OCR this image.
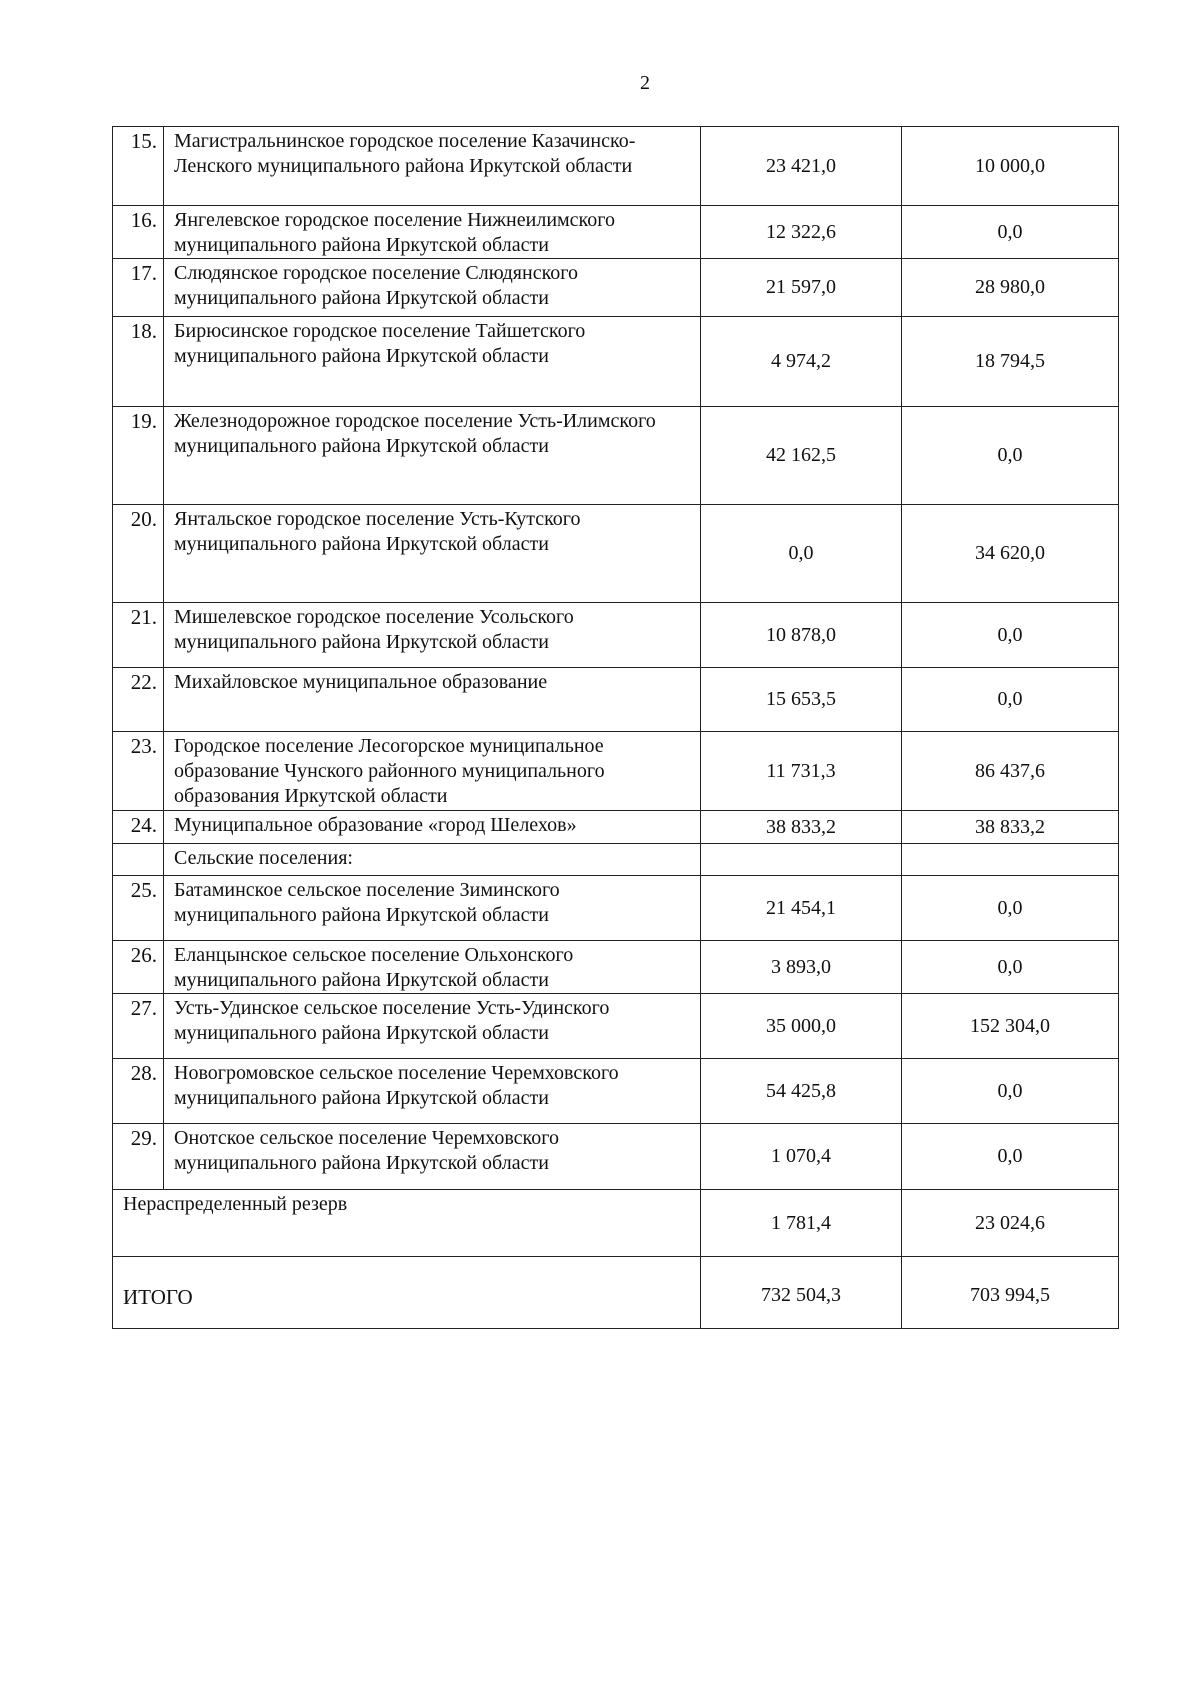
2
15.	Магистральнинское городское поселение Казачинско-Ленского муниципального района Иркутской области	23 421,0	10 000,0
16.	Янгелевское городское поселение Нижнеилимского муниципального района Иркутской области	12 322,6	0,0
17.	Слюдянское городское поселение Слюдянского муниципального района Иркутской области	21 597,0	28 980,0
18.	Бирюсинское городское поселение Тайшетского муниципального района Иркутской области	4 974,2	18 794,5
19.	Железнодорожное городское поселение Усть-Илимского муниципального района Иркутской области	42 162,5	0,0
20.	Янтальское городское поселение Усть-Кутского муниципального района Иркутской области	0,0	34 620,0
21.	Мишелевское городское поселение Усольского муниципального района Иркутской области	10 878,0	0,0
22.	Михайловское муниципальное образование	15 653,5	0,0
23.	Городское поселение Лесогорское муниципальное образование Чунского районного муниципального образования Иркутской области	11 731,3	86 437,6
24.	Муниципальное образование «город Шелехов»	38 833,2	38 833,2
	Сельские поселения:		
25.	Батаминское сельское поселение Зиминского муниципального района Иркутской области	21 454,1	0,0
26.	Еланцынское сельское поселение Ольхонского муниципального района Иркутской области	3 893,0	0,0
27.	Усть-Удинское сельское поселение Усть-Удинского муниципального района Иркутской области	35 000,0	152 304,0
28.	Новогромовское сельское поселение Черемховского муниципального района Иркутской области	54 425,8	0,0
29.	Онотское сельское поселение Черемховского муниципального района Иркутской области	1 070,4	0,0
Нераспределенный резерв		1 781,4	23 024,6
ИТОГО		732 504,3	703 994,5
